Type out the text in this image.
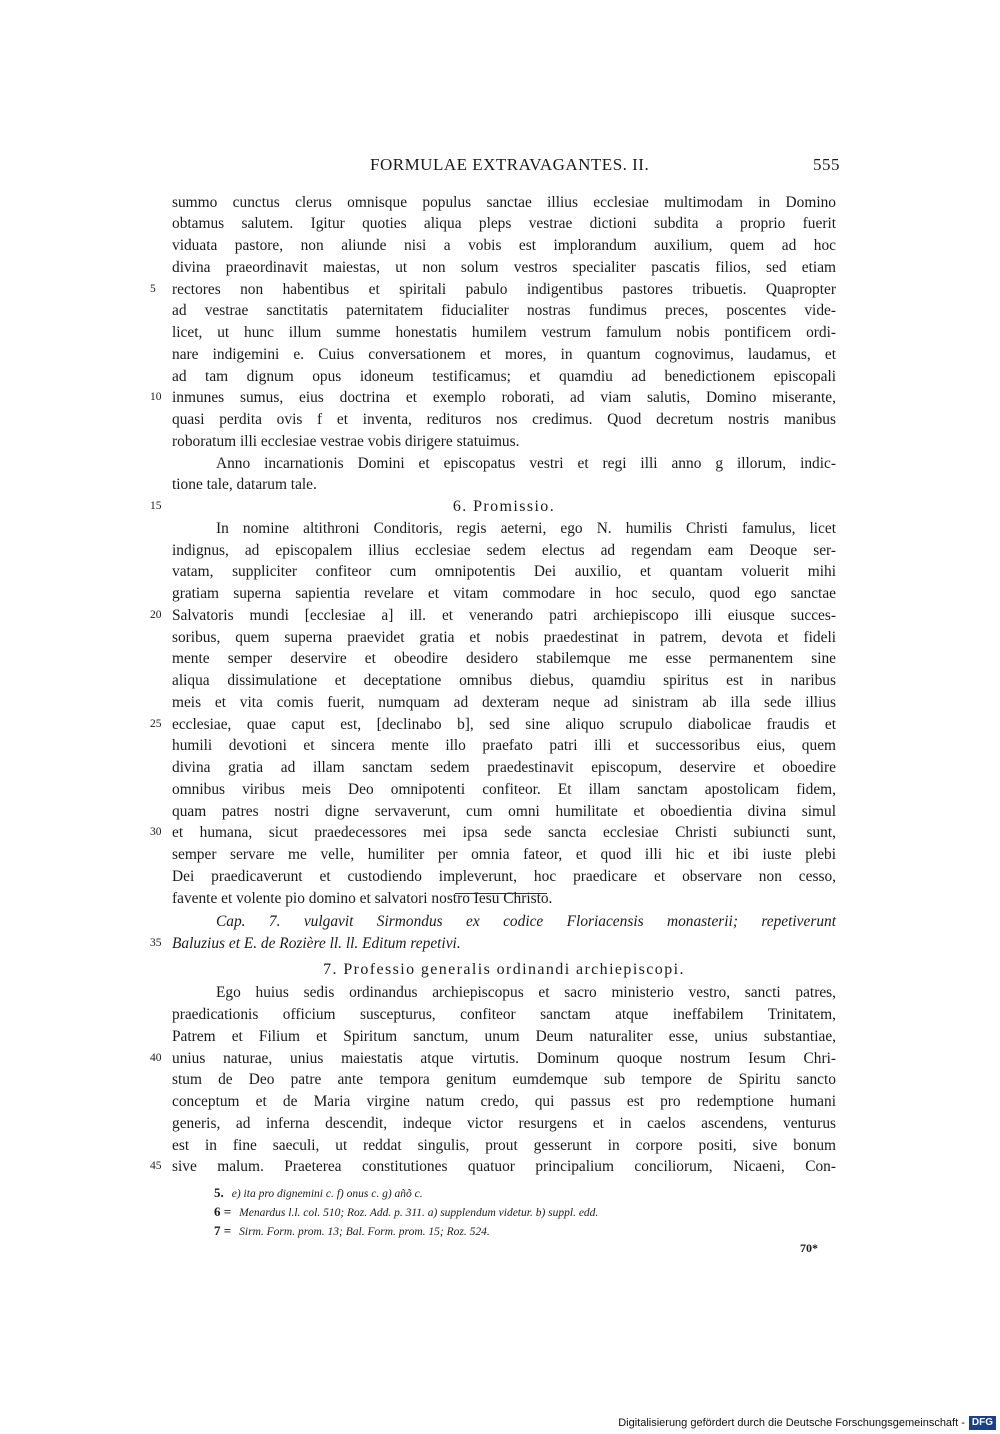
FORMULAE EXTRAVAGANTES. II.	555
summo cunctus clerus omnisque populus sanctae illius ecclesiae multimodam in Domino
obtamus salutem. Igitur quoties aliqua pleps vestrae dictioni subdita a proprio fuerit
viduata pastore, non aliunde nisi a vobis est implorandum auxilium, quem ad hoc
divina praeordinavit maiestas, ut non solum vestros specialiter pascatis filios, sed etiam
rectores non habentibus et spiritali pabulo indigentibus pastores tribuetis. Quapropter
ad vestrae sanctitatis paternitatem fiducialiter nostras fundimus preces, poscentes vide-
licet, ut hunc illum summe honestatis humilem vestrum famulum nobis pontificem ordi-
nare indigemini e. Cuius conversationem et mores, in quantum cognovimus, laudamus, et
ad tam dignum opus idoneum testificamus; et quamdiu ad benedictionem episcopali
inmunes sumus, eius doctrina et exemplo roborati, ad viam salutis, Domino miserante,
quasi perdita ovis f et inventa, redituros nos credimus. Quod decretum nostris manibus
roboratum illi ecclesiae vestrae vobis dirigere statuimus.
Anno incarnationis Domini et episcopatus vestri et regi illi anno g illorum, indic-
tione tale, datarum tale.
6. Promissio.
In nomine altithroni Conditoris, regis aeterni, ego N. humilis Christi famulus, licet
indignus, ad episcopalem illius ecclesiae sedem electus ad regendam eam Deoque ser-
vatam, suppliciter confiteor cum omnipotentis Dei auxilio, et quantam voluerit mihi
gratiam superna sapientia revelare et vitam commodare in hoc seculo, quod ego sanctae
Salvatoris mundi [ecclesiae a] ill. et venerando patri archiepiscopo illi eiusque succes-
soribus, quem superna praevidet gratia et nobis praedestinat in patrem, devota et fideli
mente semper deservire et obeodire desidero stabilemque me esse permanentem sine
aliqua dissimulatione et deceptatione omnibus diebus, quamdiu spiritus est in naribus
meis et vita comis fuerit, numquam ad dexteram neque ad sinistram ab illa sede illius
ecclesiae, quae caput est, [declinabo b], sed sine aliquo scrupulo diabolicae fraudis et
humili devotioni et sincera mente illo praefato patri illi et successoribus eius, quem
divina gratia ad illam sanctam sedem praedestinavit episcopum, deservire et oboedire
omnibus viribus meis Deo omnipotenti confiteor. Et illam sanctam apostolicam fidem,
quam patres nostri digne servaverunt, cum omni humilitate et oboedientia divina simul
et humana, sicut praedecessores mei ipsa sede sancta ecclesiae Christi subiuncti sunt,
semper servare me velle, humiliter per omnia fateor, et quod illi hic et ibi iuste plebi
Dei praedicaverunt et custodiendo impleverunt, hoc praedicare et observare non cesso,
favente et volente pio domino et salvatori nostro Iesu Christo.
Cap. 7. vulgavit Sirmondus ex codice Floriacensis monasterii; repetiverunt
Baluzius et E. de Rozière ll. ll. Editum repetivi.
7. Professio generalis ordinandi archiepiscopi.
Ego huius sedis ordinandus archiepiscopus et sacro ministerio vestro, sancti patres,
praedicationis officium suscepturus, confiteor sanctam atque ineffabilem Trinitatem,
Patrem et Filium et Spiritum sanctum, unum Deum naturaliter esse, unius substantiae,
unius naturae, unius maiestatis atque virtutis. Dominum quoque nostrum Iesum Chri-
stum de Deo patre ante tempora genitum eumdemque sub tempore de Spiritu sancto
conceptum et de Maria virgine natum credo, qui passus est pro redemptione humani
generis, ad inferna descendit, indeque victor resurgens et in caelos ascendens, venturus
est in fine saeculi, ut reddat singulis, prout gesserunt in corpore positi, sive bonum
sive malum. Praeterea constitutiones quatuor principalium conciliorum, Nicaeni, Con-
5
10
15
20
25
30
35
40
45
5. e) ita pro dignemini c. f) onus c. g) añõ c.
6 = Menardus l.l. col. 510; Roz. Add. p. 311. a) supplendum videtur. b) suppl. edd.
7 = Sirm. Form. prom. 13; Bal. Form. prom. 15; Roz. 524.
70*
Digitalisierung gefördert durch die Deutsche Forschungsgemeinschaft - DFG
